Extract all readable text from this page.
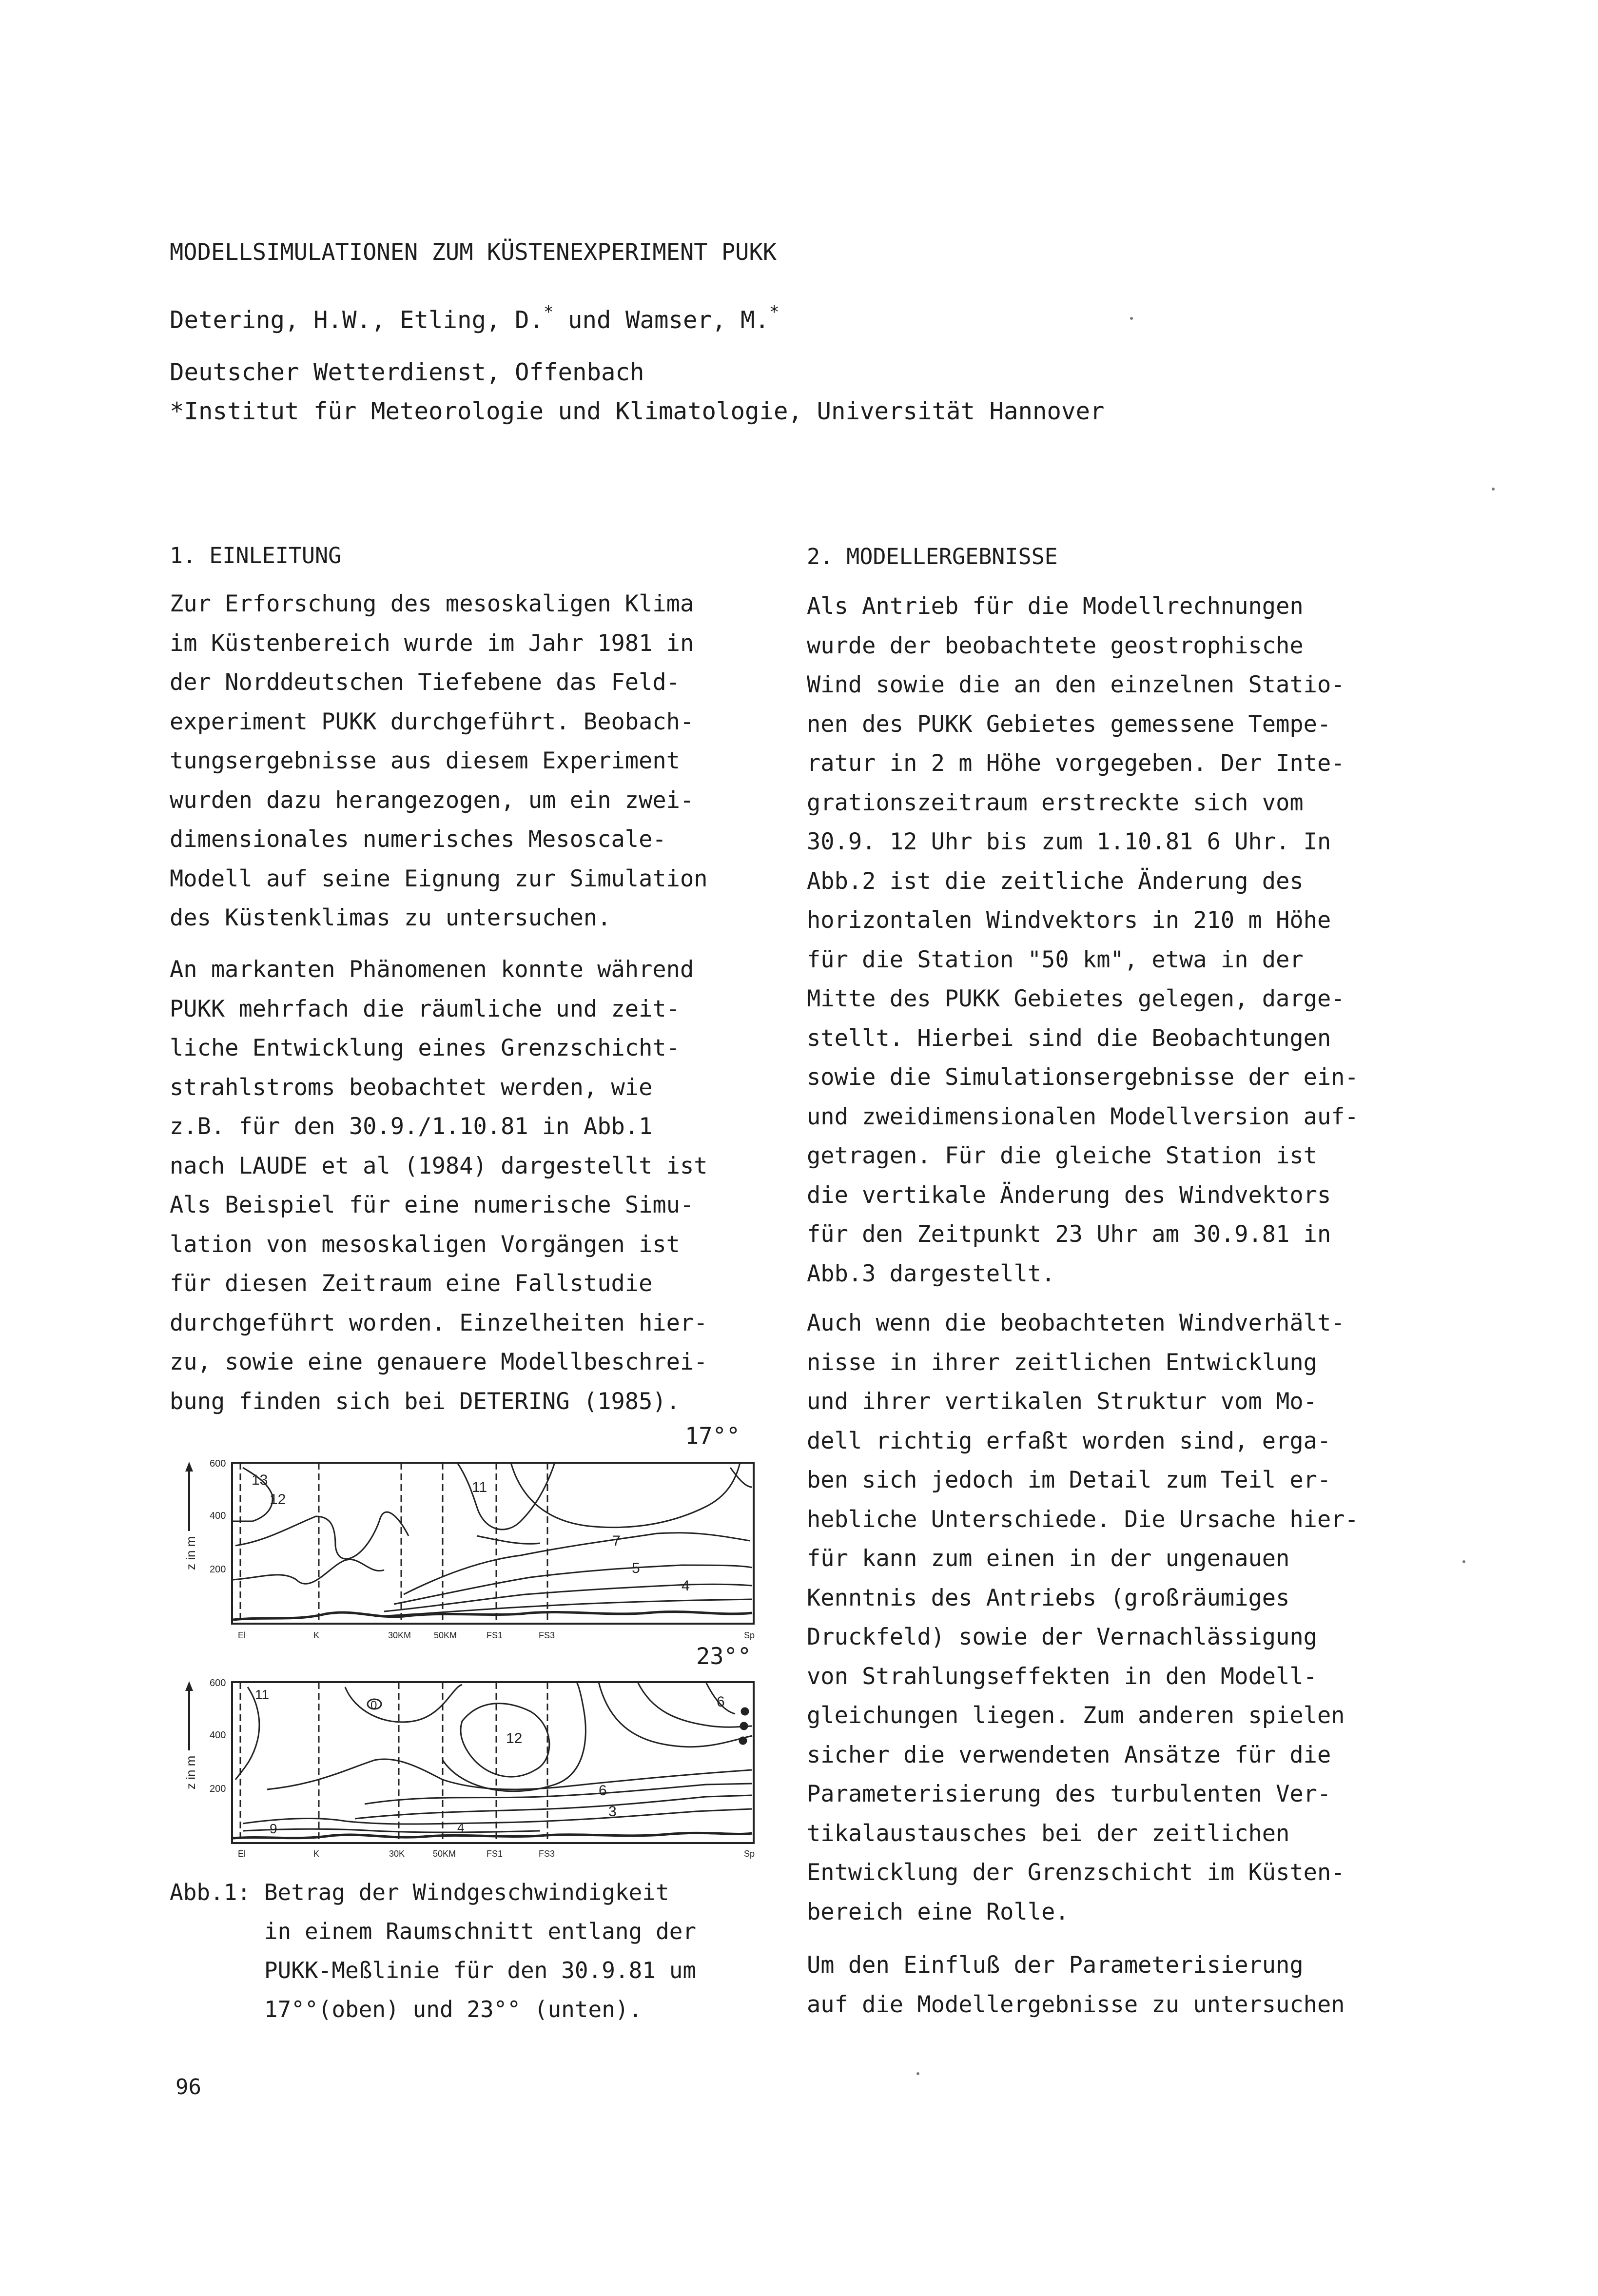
MODELLSIMULATIONEN ZUM KÜSTENEXPERIMENT PUKK
Detering, H.W., Etling, D.* und Wamser, M.*
Deutscher Wetterdienst, Offenbach
*Institut für Meteorologie und Klimatologie, Universität Hannover
1. EINLEITUNG	2. MODELLERGEBNISSE
Zur Erforschung des mesoskaligen Klima
im Küstenbereich wurde im Jahr 1981 in
der Norddeutschen Tiefebene das Feld-
experiment PUKK durchgeführt. Beobach-
tungsergebnisse aus diesem Experiment
wurden dazu herangezogen, um ein zwei-
dimensionales numerisches Mesoscale-
Modell auf seine Eignung zur Simulation
des Küstenklimas zu untersuchen.
An markanten Phänomenen konnte während
PUKK mehrfach die räumliche und zeit-
liche Entwicklung eines Grenzschicht-
strahlstroms beobachtet werden, wie
z.B. für den 30.9./1.10.81 in Abb.1
nach LAUDE et al (1984) dargestellt ist
Als Beispiel für eine numerische Simu-
lation von mesoskaligen Vorgängen ist
für diesen Zeitraum eine Fallstudie
durchgeführt worden. Einzelheiten hier-
zu, sowie eine genauere Modellbeschrei-
bung finden sich bei DETERING (1985).
Als Antrieb für die Modellrechnungen
wurde der beobachtete geostrophische
Wind sowie die an den einzelnen Statio-
nen des PUKK Gebietes gemessene Tempe-
ratur in 2 m Höhe vorgegeben. Der Inte-
grationszeitraum erstreckte sich vom
30.9. 12 Uhr bis zum 1.10.81 6 Uhr. In
Abb.2 ist die zeitliche Änderung des
horizontalen Windvektors in 210 m Höhe
für die Station "50 km", etwa in der
Mitte des PUKK Gebietes gelegen, darge-
stellt. Hierbei sind die Beobachtungen
sowie die Simulationsergebnisse der ein-
und zweidimensionalen Modellversion auf-
getragen. Für die gleiche Station ist
die vertikale Änderung des Windvektors
für den Zeitpunkt 23 Uhr am 30.9.81 in
Abb.3 dargestellt.
Auch wenn die beobachteten Windverhält-
nisse in ihrer zeitlichen Entwicklung
und ihrer vertikalen Struktur vom Mo-
dell richtig erfaßt worden sind, erga-
ben sich jedoch im Detail zum Teil er-
hebliche Unterschiede. Die Ursache hier-
für kann zum einen in der ungenauen
Kenntnis des Antriebs (großräumiges
Druckfeld) sowie der Vernachlässigung
von Strahlungseffekten in den Modell-
gleichungen liegen. Zum anderen spielen
sicher die verwendeten Ansätze für die
Parameterisierung des turbulenten Ver-
tikalaustausches bei der zeitlichen
Entwicklung der Grenzschicht im Küsten-
bereich eine Rolle.
Um den Einfluß der Parameterisierung
auf die Modellergebnisse zu untersuchen
17°°
23°°
z in m
600
400
200
13
12
11
7
5
4
El	K	30KM	50KM	FS1	FS3	Sp
z in m
600
400
200
11
0
12
6
6
3
9	4
El	K	30K	50KM	FS1	FS3	Sp
Abb.1: Betrag der Windgeschwindigkeit
in einem Raumschnitt entlang der
PUKK-Meßlinie für den 30.9.81 um
17°°(oben) und 23°° (unten).
96
